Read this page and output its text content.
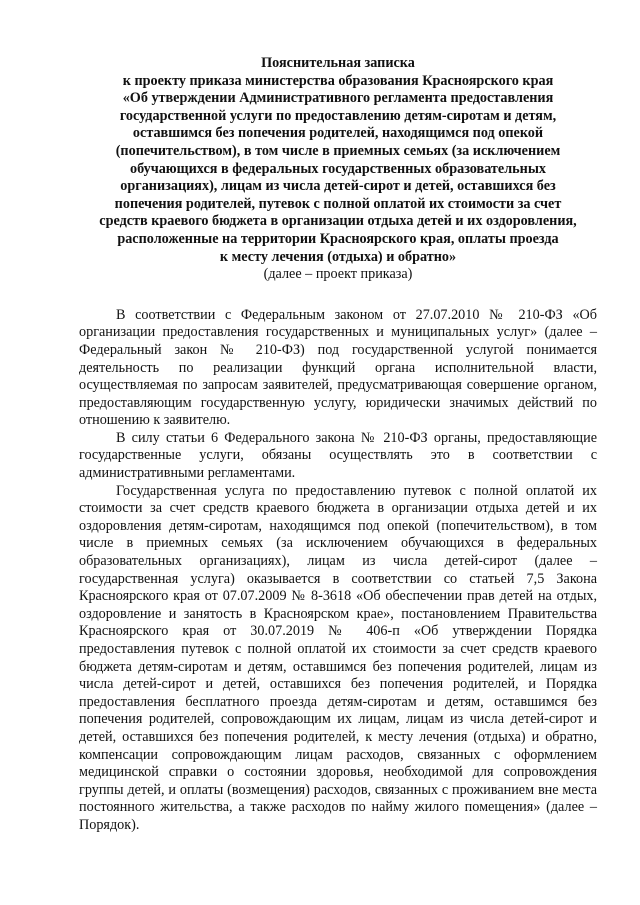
Пояснительная записка
к проекту приказа министерства образования Красноярского края
«Об утверждении Административного регламента предоставления
государственной услуги по предоставлению детям-сиротам и детям,
оставшимся без попечения родителей, находящимся под опекой
(попечительством), в том числе в приемных семьях (за исключением
обучающихся в федеральных государственных образовательных
организациях), лицам из числа детей-сирот и детей, оставшихся без
попечения родителей, путевок с полной оплатой их стоимости за счет
средств краевого бюджета в организации отдыха детей и их оздоровления,
расположенные на территории Красноярского края, оплаты проезда
к месту лечения (отдыха) и обратно»
(далее – проект приказа)

В соответствии с Федеральным законом от 27.07.2010 № 210-ФЗ «Об организации предоставления государственных и муниципальных услуг» (далее – Федеральный закон № 210-ФЗ) под государственной услугой понимается деятельность по реализации функций органа исполнительной власти, осуществляемая по запросам заявителей, предусматривающая совершение органом, предоставляющим государственную услугу, юридически значимых действий по отношению к заявителю.

В силу статьи 6 Федерального закона № 210-ФЗ органы, предоставляющие государственные услуги, обязаны осуществлять это в соответствии с административными регламентами.

Государственная услуга по предоставлению путевок с полной оплатой их стоимости за счет средств краевого бюджета в организации отдыха детей и их оздоровления детям-сиротам, находящимся под опекой (попечительством), в том числе в приемных семьях (за исключением обучающихся в федеральных образовательных организациях), лицам из числа детей-сирот (далее – государственная услуга) оказывается в соответствии со статьей 7,5 Закона Красноярского края от 07.07.2009 № 8-3618 «Об обеспечении прав детей на отдых, оздоровление и занятость в Красноярском крае», постановлением Правительства Красноярского края от 30.07.2019 № 406-п «Об утверждении Порядка предоставления путевок с полной оплатой их стоимости за счет средств краевого бюджета детям-сиротам и детям, оставшимся без попечения родителей, лицам из числа детей-сирот и детей, оставшихся без попечения родителей, и Порядка предоставления бесплатного проезда детям-сиротам и детям, оставшимся без попечения родителей, сопровождающим их лицам, лицам из числа детей-сирот и детей, оставшихся без попечения родителей, к месту лечения (отдыха) и обратно, компенсации сопровождающим лицам расходов, связанных с оформлением медицинской справки о состоянии здоровья, необходимой для сопровождения группы детей, и оплаты (возмещения) расходов, связанных с проживанием вне места постоянного жительства, а также расходов по найму жилого помещения» (далее – Порядок).
